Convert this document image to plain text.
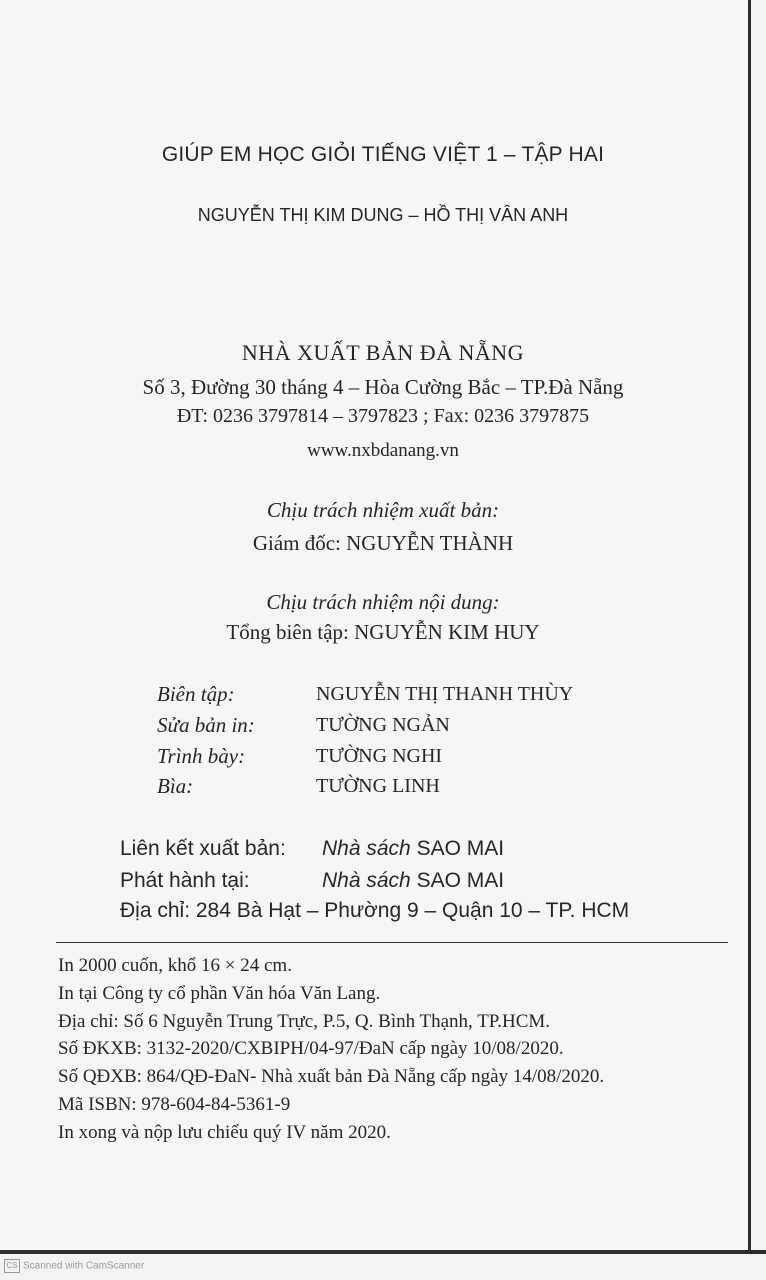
GIÚP EM HỌC GIỎI TIẾNG VIỆT 1 – TẬP HAI
NGUYỄN THỊ KIM DUNG – HỒ THỊ VÂN ANH
NHÀ XUẤT BẢN ĐÀ NẴNG
Số 3, Đường 30 tháng 4 – Hòa Cường Bắc – TP.Đà Nẵng
ĐT: 0236 3797814 – 3797823 ; Fax: 0236 3797875
www.nxbdanang.vn
Chịu trách nhiệm xuất bản:
Giám đốc: NGUYỄN THÀNH
Chịu trách nhiệm nội dung:
Tổng biên tập: NGUYỄN KIM HUY
Biên tập:	NGUYỄN THỊ THANH THÙY
Sửa bản in:	TƯỜNG NGẢN
Trình bày:	TƯỜNG NGHI
Bìa:	TƯỜNG LINH
Liên kết xuất bản: Nhà sách SAO MAI
Phát hành tại:	Nhà sách SAO MAI
Địa chỉ: 284 Bà Hạt – Phường 9 – Quận 10 – TP. HCM
In 2000 cuốn, khổ 16 × 24 cm.
In tại Công ty cổ phần Văn hóa Văn Lang.
Địa chỉ: Số 6 Nguyễn Trung Trực, P.5, Q. Bình Thạnh, TP.HCM.
Số ĐKXB: 3132-2020/CXBIPH/04-97/ĐaN cấp ngày 10/08/2020.
Số QĐXB: 864/QĐ-ĐaN- Nhà xuất bản Đà Nẵng cấp ngày 14/08/2020.
Mã ISBN: 978-604-84-5361-9
In xong và nộp lưu chiểu quý IV năm 2020.
CS Scanned with CamScanner
